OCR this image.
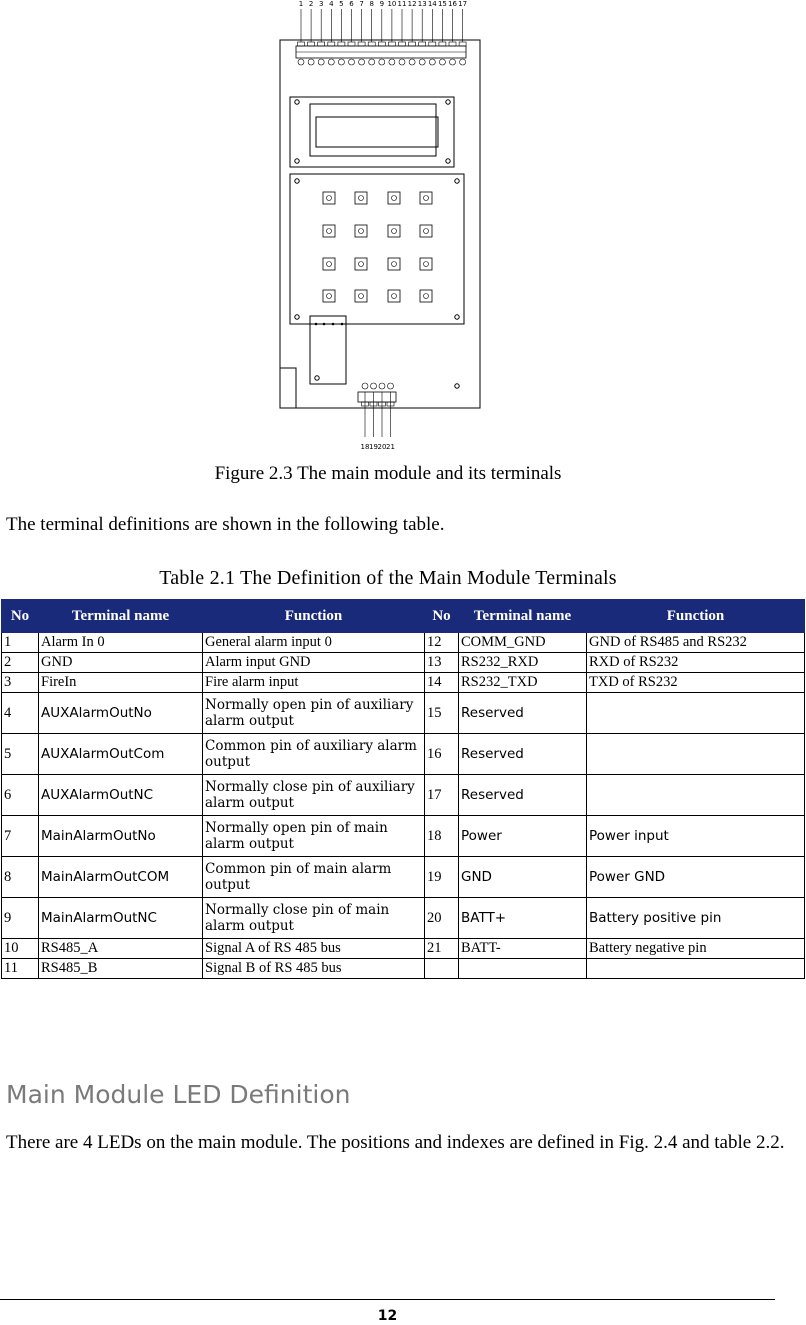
1 2 3 4 5 6 7 8 9 10 11 12 13 14 15 16 17
18 19 20 21
Figure 2.3 The main module and its terminals
The terminal definitions are shown in the following table.
Table 2.1 The Definition of the Main Module Terminals
No	Terminal name	Function	No	Terminal name	Function
1	Alarm In 0	General alarm input 0	12	COMM_GND	GND of RS485 and RS232
2	GND	Alarm input GND	13	RS232_RXD	RXD of RS232
3	FireIn	Fire alarm input	14	RS232_TXD	TXD of RS232
4	AUXAlarmOutNo	Normally open pin of auxiliary alarm output	15	Reserved	
5	AUXAlarmOutCom	Common pin of auxiliary alarm output	16	Reserved	
6	AUXAlarmOutNC	Normally close pin of auxiliary alarm output	17	Reserved	
7	MainAlarmOutNo	Normally open pin of main alarm output	18	Power	Power input
8	MainAlarmOutCOM	Common pin of main alarm output	19	GND	Power GND
9	MainAlarmOutNC	Normally close pin of main alarm output	20	BATT+	Battery positive pin
10	RS485_A	Signal A of RS 485 bus	21	BATT-	Battery negative pin
11	RS485_B	Signal B of RS 485 bus			
Main Module LED Definition
There are 4 LEDs on the main module. The positions and indexes are defined in Fig. 2.4 and table 2.2.
12
